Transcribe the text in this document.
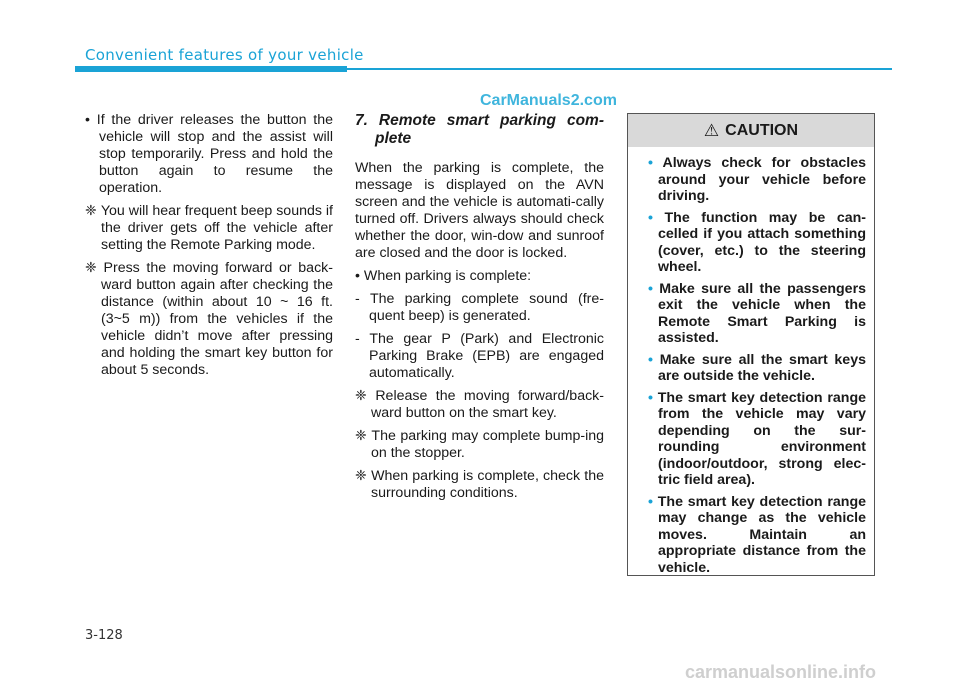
Convenient features of your vehicle
CarManuals2.com

• If the driver releases the button the vehicle will stop and the assist will stop temporarily. Press and hold the button again to resume the operation.

❈ You will hear frequent beep sounds if the driver gets off the vehicle after setting the Remote Parking mode.

❈ Press the moving forward or back-ward button again after checking the distance (within about 10 ~ 16 ft. (3~5 m)) from the vehicles if the vehicle didn’t move after pressing and holding the smart key button for about 5 seconds.

7. Remote smart parking com-plete

When the parking is complete, the message is displayed on the AVN screen and the vehicle is automati-cally turned off. Drivers always should check whether the door, win-dow and sunroof are closed and the door is locked.

• When parking is complete:

- The parking complete sound (fre-quent beep) is generated.

- The gear P (Park) and Electronic Parking Brake (EPB) are engaged automatically.

❈ Release the moving forward/back-ward button on the smart key.

❈ The parking may complete bump-ing on the stopper.

❈ When parking is complete, check the surrounding conditions.

⚠ CAUTION
• Always check for obstacles around your vehicle before driving.
• The function may be can-celled if you attach something (cover, etc.) to the steering wheel.
• Make sure all the passengers exit the vehicle when the Remote Smart Parking is assisted.
• Make sure all the smart keys are outside the vehicle.
• The smart key detection range from the vehicle may vary depending on the sur-rounding environment (indoor/outdoor, strong elec-tric field area).
• The smart key detection range may change as the vehicle moves. Maintain an appropriate distance from the vehicle.
3-128
carmanualsonline.info
